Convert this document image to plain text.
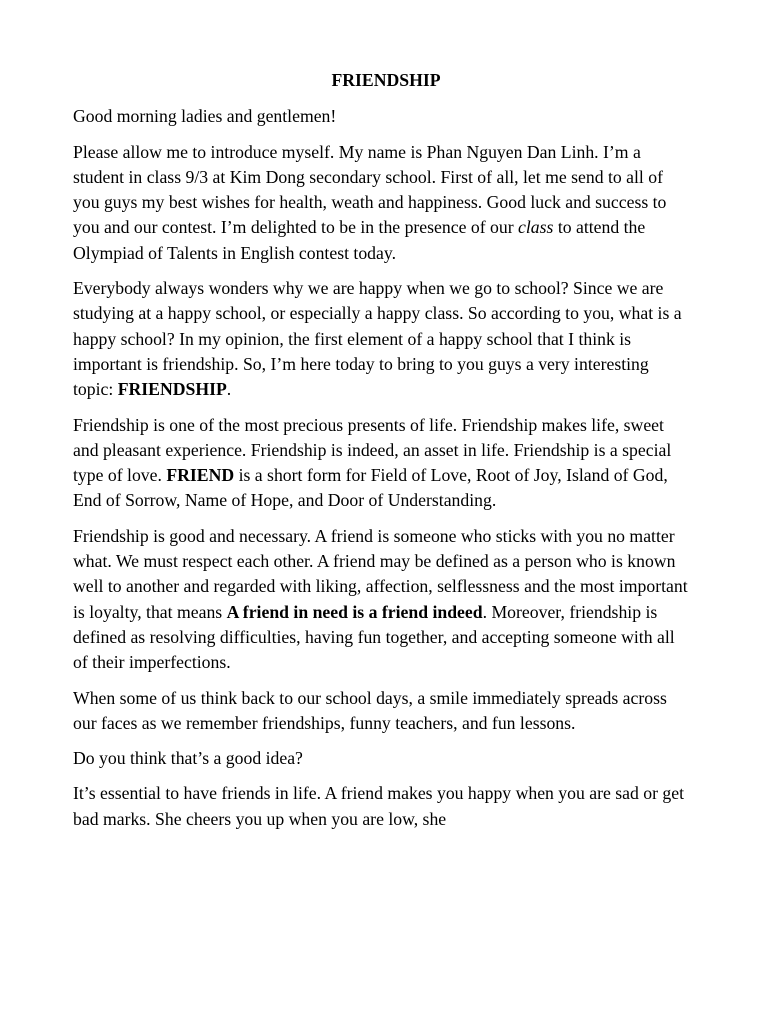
FRIENDSHIP

Good morning ladies and gentlemen!

Please allow me to introduce myself. My name is Phan Nguyen Dan Linh. I’m a student in class 9/3 at Kim Dong secondary school. First of all, let me send to all of you guys my best wishes for health, weath and happiness. Good luck and success to you and our contest. I’m delighted to be in the presence of our class to attend the Olympiad of Talents in English contest today.

Everybody always wonders why we are happy when we go to school? Since we are studying at a happy school, or especially a happy class. So according to you, what is a happy school? In my opinion, the first element of a happy school that I think is important is friendship. So, I’m here today to bring to you guys a very interesting topic: FRIENDSHIP.

Friendship is one of the most precious presents of life. Friendship makes life, sweet and pleasant experience. Friendship is indeed, an asset in life. Friendship is a special type of love. FRIEND is a short form for Field of Love, Root of Joy, Island of God, End of Sorrow, Name of Hope, and Door of Understanding.

Friendship is good and necessary. A friend is someone who sticks with you no matter what. We must respect each other. A friend may be defined as a person who is known well to another and regarded with liking, affection, selflessness and the most important is loyalty, that means A friend in need is a friend indeed. Moreover, friendship is defined as resolving difficulties, having fun together, and accepting someone with all of their imperfections.

When some of us think back to our school days, a smile immediately spreads across our faces as we remember friendships, funny teachers, and fun lessons.

Do you think that’s a good idea?

It’s essential to have friends in life. A friend makes you happy when you are sad or get bad marks. She cheers you up when you are low, she
